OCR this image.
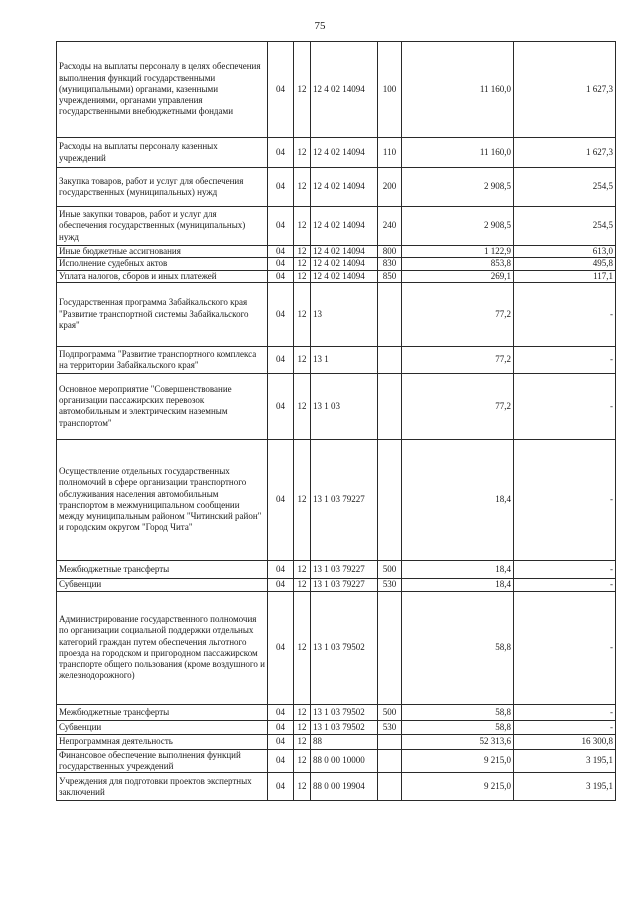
75
Расходы на выплаты персоналу в целях обеспечения выполнения функций государственными (муниципальными) органами, казенными учреждениями, органами управления государственными внебюджетными фондами	04	12	12 4 02 14094	100	11 160,0	1 627,3
Расходы на выплаты персоналу казенных учреждений	04	12	12 4 02 14094	110	11 160,0	1 627,3
Закупка товаров, работ и услуг для обеспечения государственных (муниципальных) нужд	04	12	12 4 02 14094	200	2 908,5	254,5
Иные закупки товаров, работ и услуг для обеспечения государственных (муниципальных) нужд	04	12	12 4 02 14094	240	2 908,5	254,5
Иные бюджетные ассигнования	04	12	12 4 02 14094	800	1 122,9	613,0
Исполнение судебных актов	04	12	12 4 02 14094	830	853,8	495,8
Уплата налогов, сборов и иных платежей	04	12	12 4 02 14094	850	269,1	117,1
Государственная программа Забайкальского края "Развитие транспортной системы Забайкальского края"	04	12	13		77,2	-
Подпрограмма "Развитие транспортного комплекса на территории Забайкальского края"	04	12	13 1		77,2	-
Основное мероприятие "Совершенствование организации пассажирских перевозок автомобильным и электрическим наземным транспортом"	04	12	13 1 03		77,2	-
Осуществление отдельных государственных полномочий в сфере организации транспортного обслуживания населения автомобильным транспортом в межмуниципальном сообщении между муниципальным районом "Читинский район" и городским округом "Город Чита"	04	12	13 1 03 79227		18,4	-
Межбюджетные трансферты	04	12	13 1 03 79227	500	18,4	-
Субвенции	04	12	13 1 03 79227	530	18,4	-
Администрирование государственного полномочия по организации социальной поддержки отдельных категорий граждан путем обеспечения льготного проезда на городском и пригородном пассажирском транспорте общего пользования (кроме воздушного и железнодорожного)	04	12	13 1 03 79502		58,8	-
Межбюджетные трансферты	04	12	13 1 03 79502	500	58,8	-
Субвенции	04	12	13 1 03 79502	530	58,8	-
Непрограммная деятельность	04	12	88		52 313,6	16 300,8
Финансовое обеспечение выполнения функций государственных учреждений	04	12	88 0 00 10000		9 215,0	3 195,1
Учреждения для подготовки проектов экспертных заключений	04	12	88 0 00 19904		9 215,0	3 195,1
